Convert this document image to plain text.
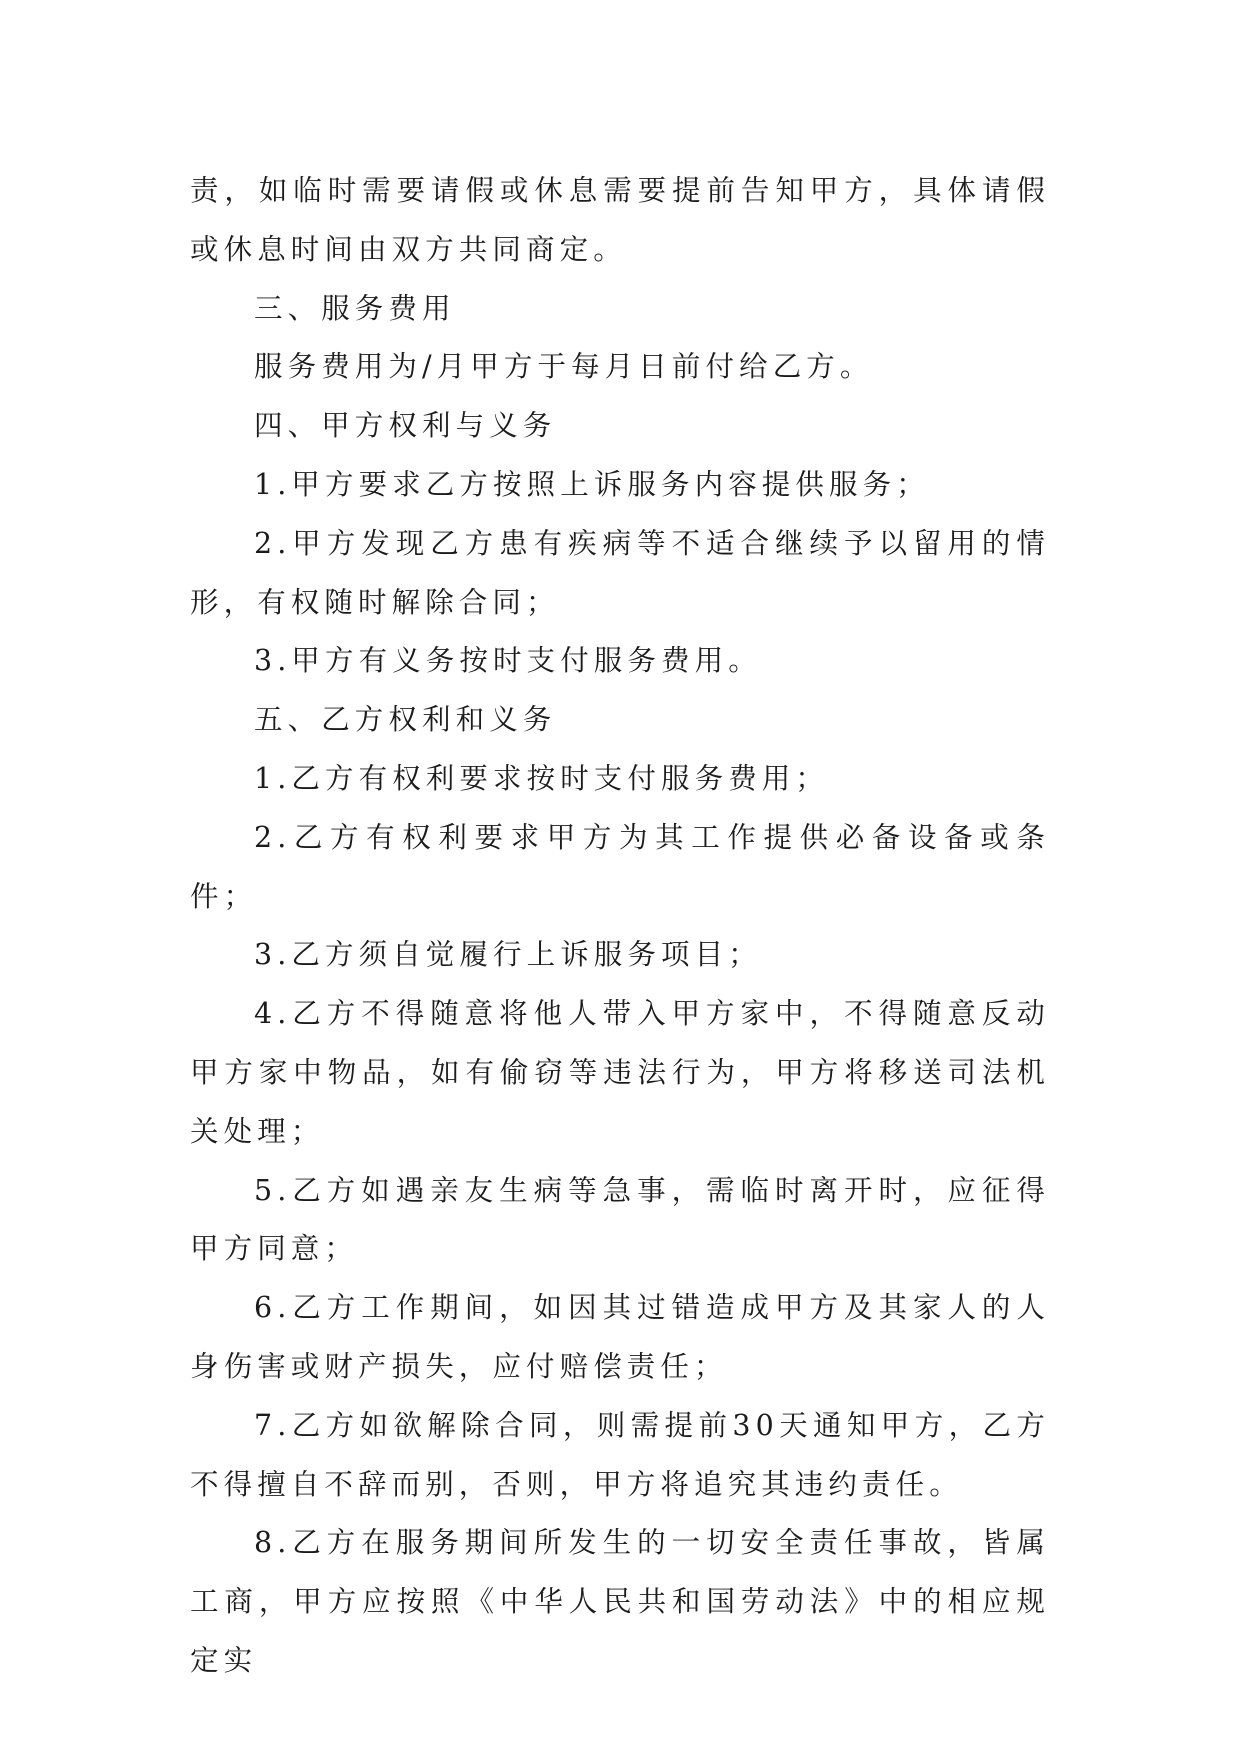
责，如临时需要请假或休息需要提前告知甲方，具体请假或休息时间由双方共同商定。

三、服务费用

服务费用为/月甲方于每月日前付给乙方。

四、甲方权利与义务

1.甲方要求乙方按照上诉服务内容提供服务；

2.甲方发现乙方患有疾病等不适合继续予以留用的情形，有权随时解除合同；

3.甲方有义务按时支付服务费用。

五、乙方权利和义务

1.乙方有权利要求按时支付服务费用；

2.乙方有权利要求甲方为其工作提供必备设备或条件；

3.乙方须自觉履行上诉服务项目；

4.乙方不得随意将他人带入甲方家中，不得随意反动甲方家中物品，如有偷窃等违法行为，甲方将移送司法机关处理；

5.乙方如遇亲友生病等急事，需临时离开时，应征得甲方同意；

6.乙方工作期间，如因其过错造成甲方及其家人的人身伤害或财产损失，应付赔偿责任；

7.乙方如欲解除合同，则需提前30天通知甲方，乙方不得擅自不辞而别，否则，甲方将追究其违约责任。

8.乙方在服务期间所发生的一切安全责任事故，皆属工商，甲方应按照《中华人民共和国劳动法》中的相应规定实
